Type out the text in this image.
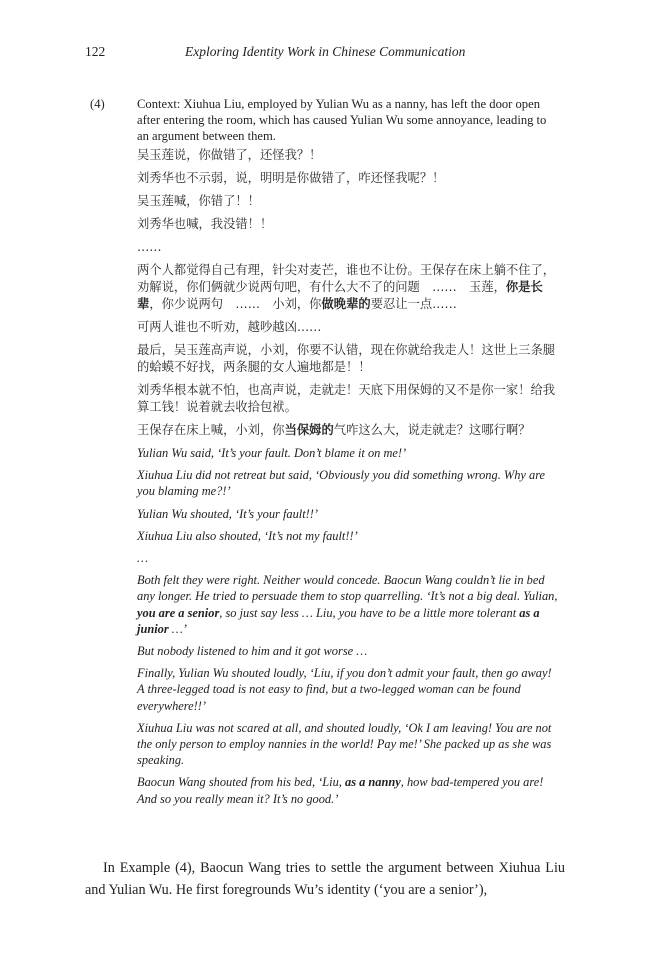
122	Exploring Identity Work in Chinese Communication
(4)	Context: Xiuhua Liu, employed by Yulian Wu as a nanny, has left the door open after entering the room, which has caused Yulian Wu some annoyance, leading to an argument between them.

吴玉莲说，你做错了，还怪我？！

刘秀华也不示弱，说，明明是你做错了，咋还怪我呢？！

吴玉莲喊，你错了！！

刘秀华也喊，我没错！！

……

两个人都觉得自己有理，针尖对麦芒，谁也不让份。王保存在床上躺不住了，劝解说，你们俩就少说两句吧，有什么大不了的问题　……　玉莲，你是长辈，你少说两句　……　小刘，你做晚辈的要忍让一点……

可两人谁也不听劝，越吵越凶……

最后，吴玉莲高声说，小刘，你要不认错，现在你就给我走人！这世上三条腿的蛤蟆不好找，两条腿的女人遍地都是！！

刘秀华根本就不怕，也高声说，走就走！天底下用保姆的又不是你一家！给我算工钱！说着就去收拾包袱。

王保存在床上喊，小刘，你当保姆的气咋这么大，说走就走？这哪行啊？

Yulian Wu said, ‘It’s your fault. Don’t blame it on me!’

Xiuhua Liu did not retreat but said, ‘Obviously you did something wrong. Why are you blaming me?!’

Yulian Wu shouted, ‘It’s your fault!!’

Xiuhua Liu also shouted, ‘It’s not my fault!!’

…

Both felt they were right. Neither would concede. Baocun Wang couldn’t lie in bed any longer. He tried to persuade them to stop quarrelling. ‘It’s not a big deal. Yulian, you are a senior, so just say less … Liu, you have to be a little more tolerant as a junior …’

But nobody listened to him and it got worse …

Finally, Yulian Wu shouted loudly, ‘Liu, if you don’t admit your fault, then go away! A three-legged toad is not easy to find, but a two-legged woman can be found everywhere!!’

Xiuhua Liu was not scared at all, and shouted loudly, ‘Ok I am leaving! You are not the only person to employ nannies in the world! Pay me!’ She packed up as she was speaking.

Baocun Wang shouted from his bed, ‘Liu, as a nanny, how bad-tempered you are! And so you really mean it? It’s no good.’

In Example (4), Baocun Wang tries to settle the argument between Xiuhua Liu and Yulian Wu. He first foregrounds Wu’s identity (‘you are a senior’),
